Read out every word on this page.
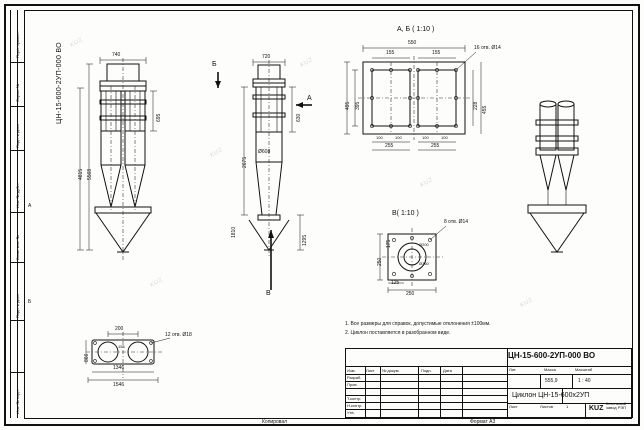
Перв. примен.
Справ. №
Подп. и дата
Инв. № дубл.
Взам. инв. №
Подп. и дата
Инв. № подл.
ЦН-15-600-2УП-000 ВО
А
Б
740
695
4815 5568
Б
А
В
720
630
2675
Ø608
1810
1295
А, Б ( 1:10 )
550
155	155
495 395	228 455
100	100	100	100
255	255
16 отв. Ø14
В( 1:10 )
8 отв. Ø14
250
250
175
125
Ø200
Ø360
200
155
866
1346
1546
12 отв. Ø18
1. Все размеры для справок, допустимые отклонения ±100мм.
2. Циклон поставляется в разобранном виде.
ЦН-15-600-2УП-000 ВО
Лит.	Масса	Масштаб
555,9	1 : 40
Циклон ЦН-15-600х2УП
Лист	Листов	1	KUZ
Котельный завод РЭП
Изм.	Лист № докум.	Подп.	Дата
Разраб.
Пров.
Т.контр.
Н.контр.
Утв.
Копировал	Формат A3
KUZ
KUZ
KUZ
KUZ
KUZ
KUZ
